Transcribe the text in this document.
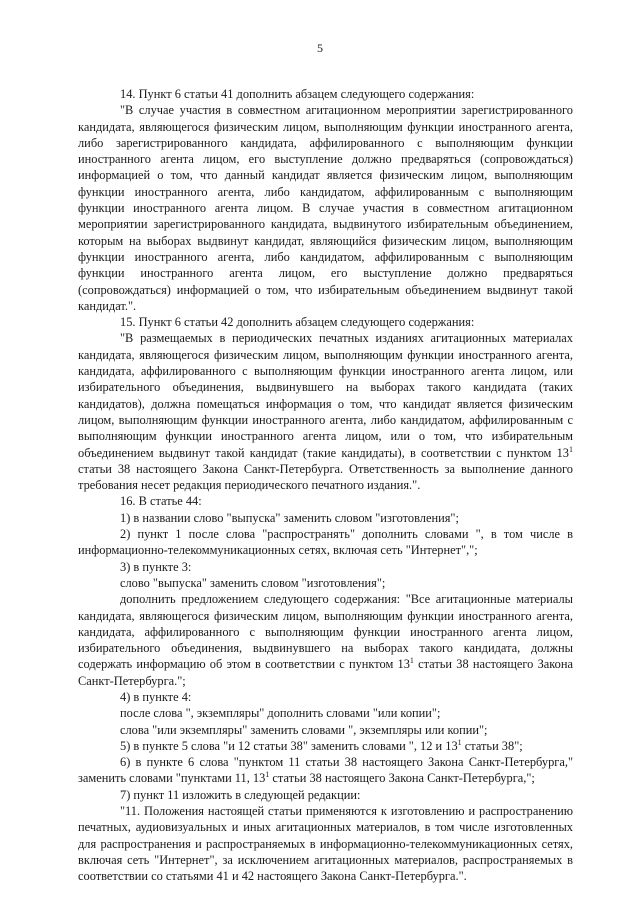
5

14. Пункт 6 статьи 41 дополнить абзацем следующего содержания:

"В случае участия в совместном агитационном мероприятии зарегистрированного кандидата, являющегося физическим лицом, выполняющим функции иностранного агента, либо зарегистрированного кандидата, аффилированного с выполняющим функции иностранного агента лицом, его выступление должно предваряться (сопровождаться) информацией о том, что данный кандидат является физическим лицом, выполняющим функции иностранного агента, либо кандидатом, аффилированным с выполняющим функции иностранного агента лицом. В случае участия в совместном агитационном мероприятии зарегистрированного кандидата, выдвинутого избирательным объединением, которым на выборах выдвинут кандидат, являющийся физическим лицом, выполняющим функции иностранного агента, либо кандидатом, аффилированным с выполняющим функции иностранного агента лицом, его выступление должно предваряться (сопровождаться) информацией о том, что избирательным объединением выдвинут такой кандидат.".

15. Пункт 6 статьи 42 дополнить абзацем следующего содержания:

"В размещаемых в периодических печатных изданиях агитационных материалах кандидата, являющегося физическим лицом, выполняющим функции иностранного агента, кандидата, аффилированного с выполняющим функции иностранного агента лицом, или избирательного объединения, выдвинувшего на выборах такого кандидата (таких кандидатов), должна помещаться информация о том, что кандидат является физическим лицом, выполняющим функции иностранного агента, либо кандидатом, аффилированным с выполняющим функции иностранного агента лицом, или о том, что избирательным объединением выдвинут такой кандидат (такие кандидаты), в соответствии с пунктом $13^1$ статьи 38 настоящего Закона Санкт-Петербурга. Ответственность за выполнение данного требования несет редакция периодического печатного издания.".

16. В статье 44:

1) в названии слово "выпуска" заменить словом "изготовления";

2) пункт 1 после слова "распространять" дополнить словами ", в том числе в информационно-телекоммуникационных сетях, включая сеть "Интернет",";

3) в пункте 3:

слово "выпуска" заменить словом "изготовления";

дополнить предложением следующего содержания: "Все агитационные материалы кандидата, являющегося физическим лицом, выполняющим функции иностранного агента, кандидата, аффилированного с выполняющим функции иностранного агента лицом, избирательного объединения, выдвинувшего на выборах такого кандидата, должны содержать информацию об этом в соответствии с пунктом $13^1$ статьи 38 настоящего Закона Санкт-Петербурга.";

4) в пункте 4:

после слова ", экземпляры" дополнить словами "или копии";

слова "или экземпляры" заменить словами ", экземпляры или копии";

5) в пункте 5 слова "и 12 статьи 38" заменить словами ", 12 и $13^1$ статьи 38";

6) в пункте 6 слова "пунктом 11 статьи 38 настоящего Закона Санкт-Петербурга," заменить словами "пунктами 11, $13^1$ статьи 38 настоящего Закона Санкт-Петербурга,";

7) пункт 11 изложить в следующей редакции:

"11. Положения настоящей статьи применяются к изготовлению и распространению печатных, аудиовизуальных и иных агитационных материалов, в том числе изготовленных для распространения и распространяемых в информационно-телекоммуникационных сетях, включая сеть "Интернет", за исключением агитационных материалов, распространяемых в соответствии со статьями 41 и 42 настоящего Закона Санкт-Петербурга.".
